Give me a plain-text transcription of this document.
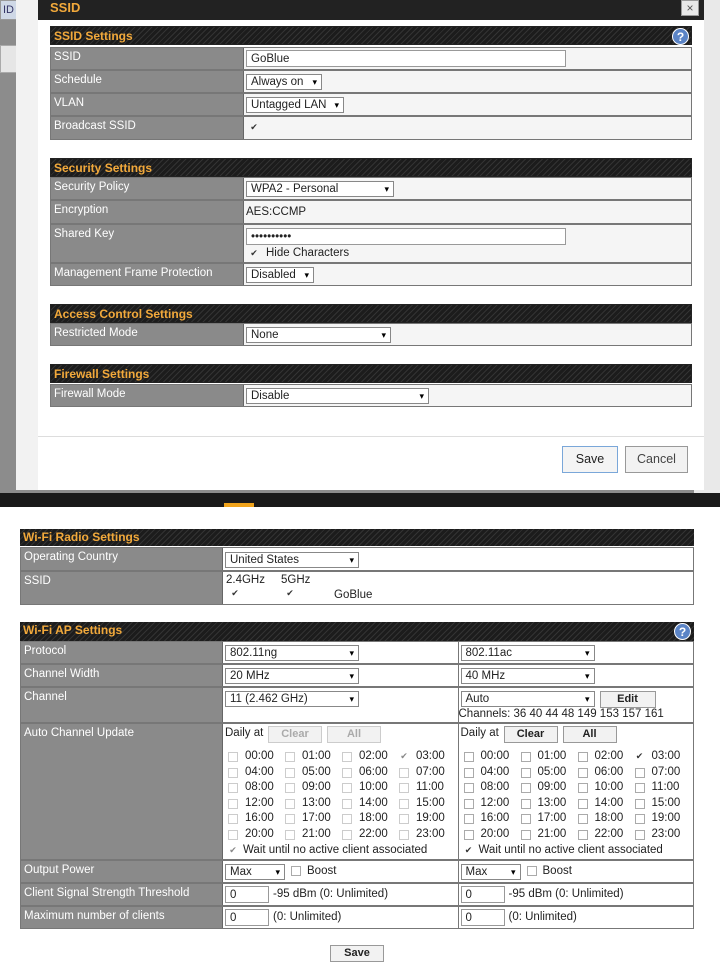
ID	SSID	×
SSID Settings	?
SSID	GoBlue
Schedule	Always on ▾
VLAN	Untagged LAN ▾
Broadcast SSID	✔
Security Settings
Security Policy	WPA2 - Personal ▾
Encryption	AES:CCMP
Shared Key	••••••••••
✔ Hide Characters
Management Frame Protection	Disabled ▾
Access Control Settings
Restricted Mode	None ▾
Firewall Settings
Firewall Mode	Disable ▾
Save	Cancel
Wi-Fi Radio Settings
Operating Country	United States ▾
SSID	2.4GHz 5GHz
✔	✔	GoBlue
Wi-Fi AP Settings	?
Protocol	802.11ng ▾	802.11ac ▾
Channel Width	20 MHz ▾	40 MHz ▾
Channel	11 (2.462 GHz) ▾	Auto ▾	Edit
Channels: 36 40 44 48 149 153 157 161
Auto Channel Update	Daily at	Clear	All
✔ Wait until no active client associated
00:00 01:00 02:00 ✔ 03:00
04:00 05:00 06:00 07:00
08:00 09:00 10:00 11:00
12:00 13:00 14:00 15:00
16:00 17:00 18:00 19:00
20:00 21:00 22:00 23:00
Daily at	Clear	All
✔ Wait until no active client associated
00:00 01:00 02:00 ✔ 03:00
04:00 05:00 06:00 07:00
08:00 09:00 10:00 11:00
12:00 13:00 14:00 15:00
16:00 17:00 18:00 19:00
20:00 21:00 22:00 23:00
Output Power	Max ▾	Boost	Max ▾	Boost
Client Signal Strength Threshold	0	-95 dBm (0: Unlimited)	0	-95 dBm (0: Unlimited)
Maximum number of clients	0	(0: Unlimited)	0	(0: Unlimited)
Save
